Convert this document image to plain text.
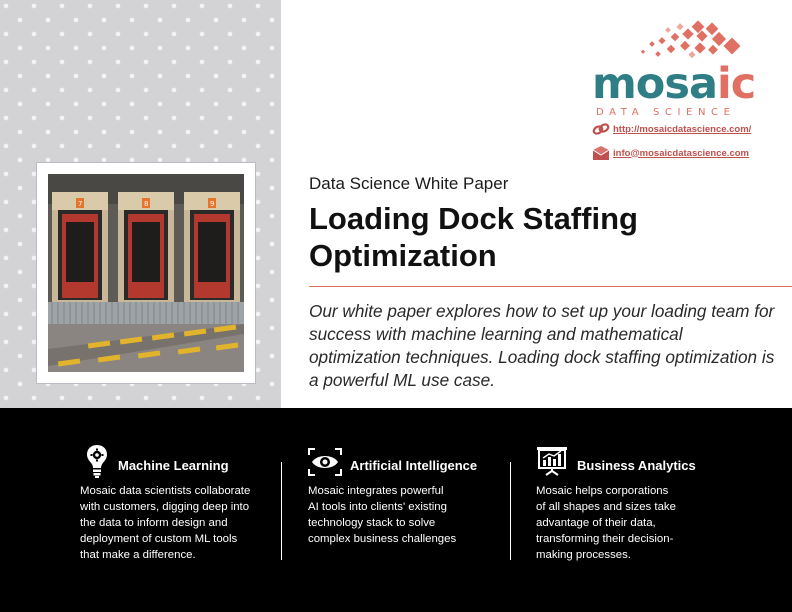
7	8	9
mosaic
DATA SCIENCE
http://mosaicdatascience.com/
info@mosaicdatascience.com
Data Science White Paper
Loading Dock Staffing
Optimization
Our white paper explores how to set up your loading team for success with machine learning and mathematical optimization techniques. Loading dock staffing optimization is a powerful ML use case.
Machine Learning
Mosaic data scientists collaborate
with customers, digging deep into
the data to inform design and
deployment of custom ML tools
that make a difference.
Artificial Intelligence
Mosaic integrates powerful
AI tools into clients' existing
technology stack to solve
complex business challenges
Business Analytics
Mosaic helps corporations
of all shapes and sizes take
advantage of their data,
transforming their decision-
making processes.
